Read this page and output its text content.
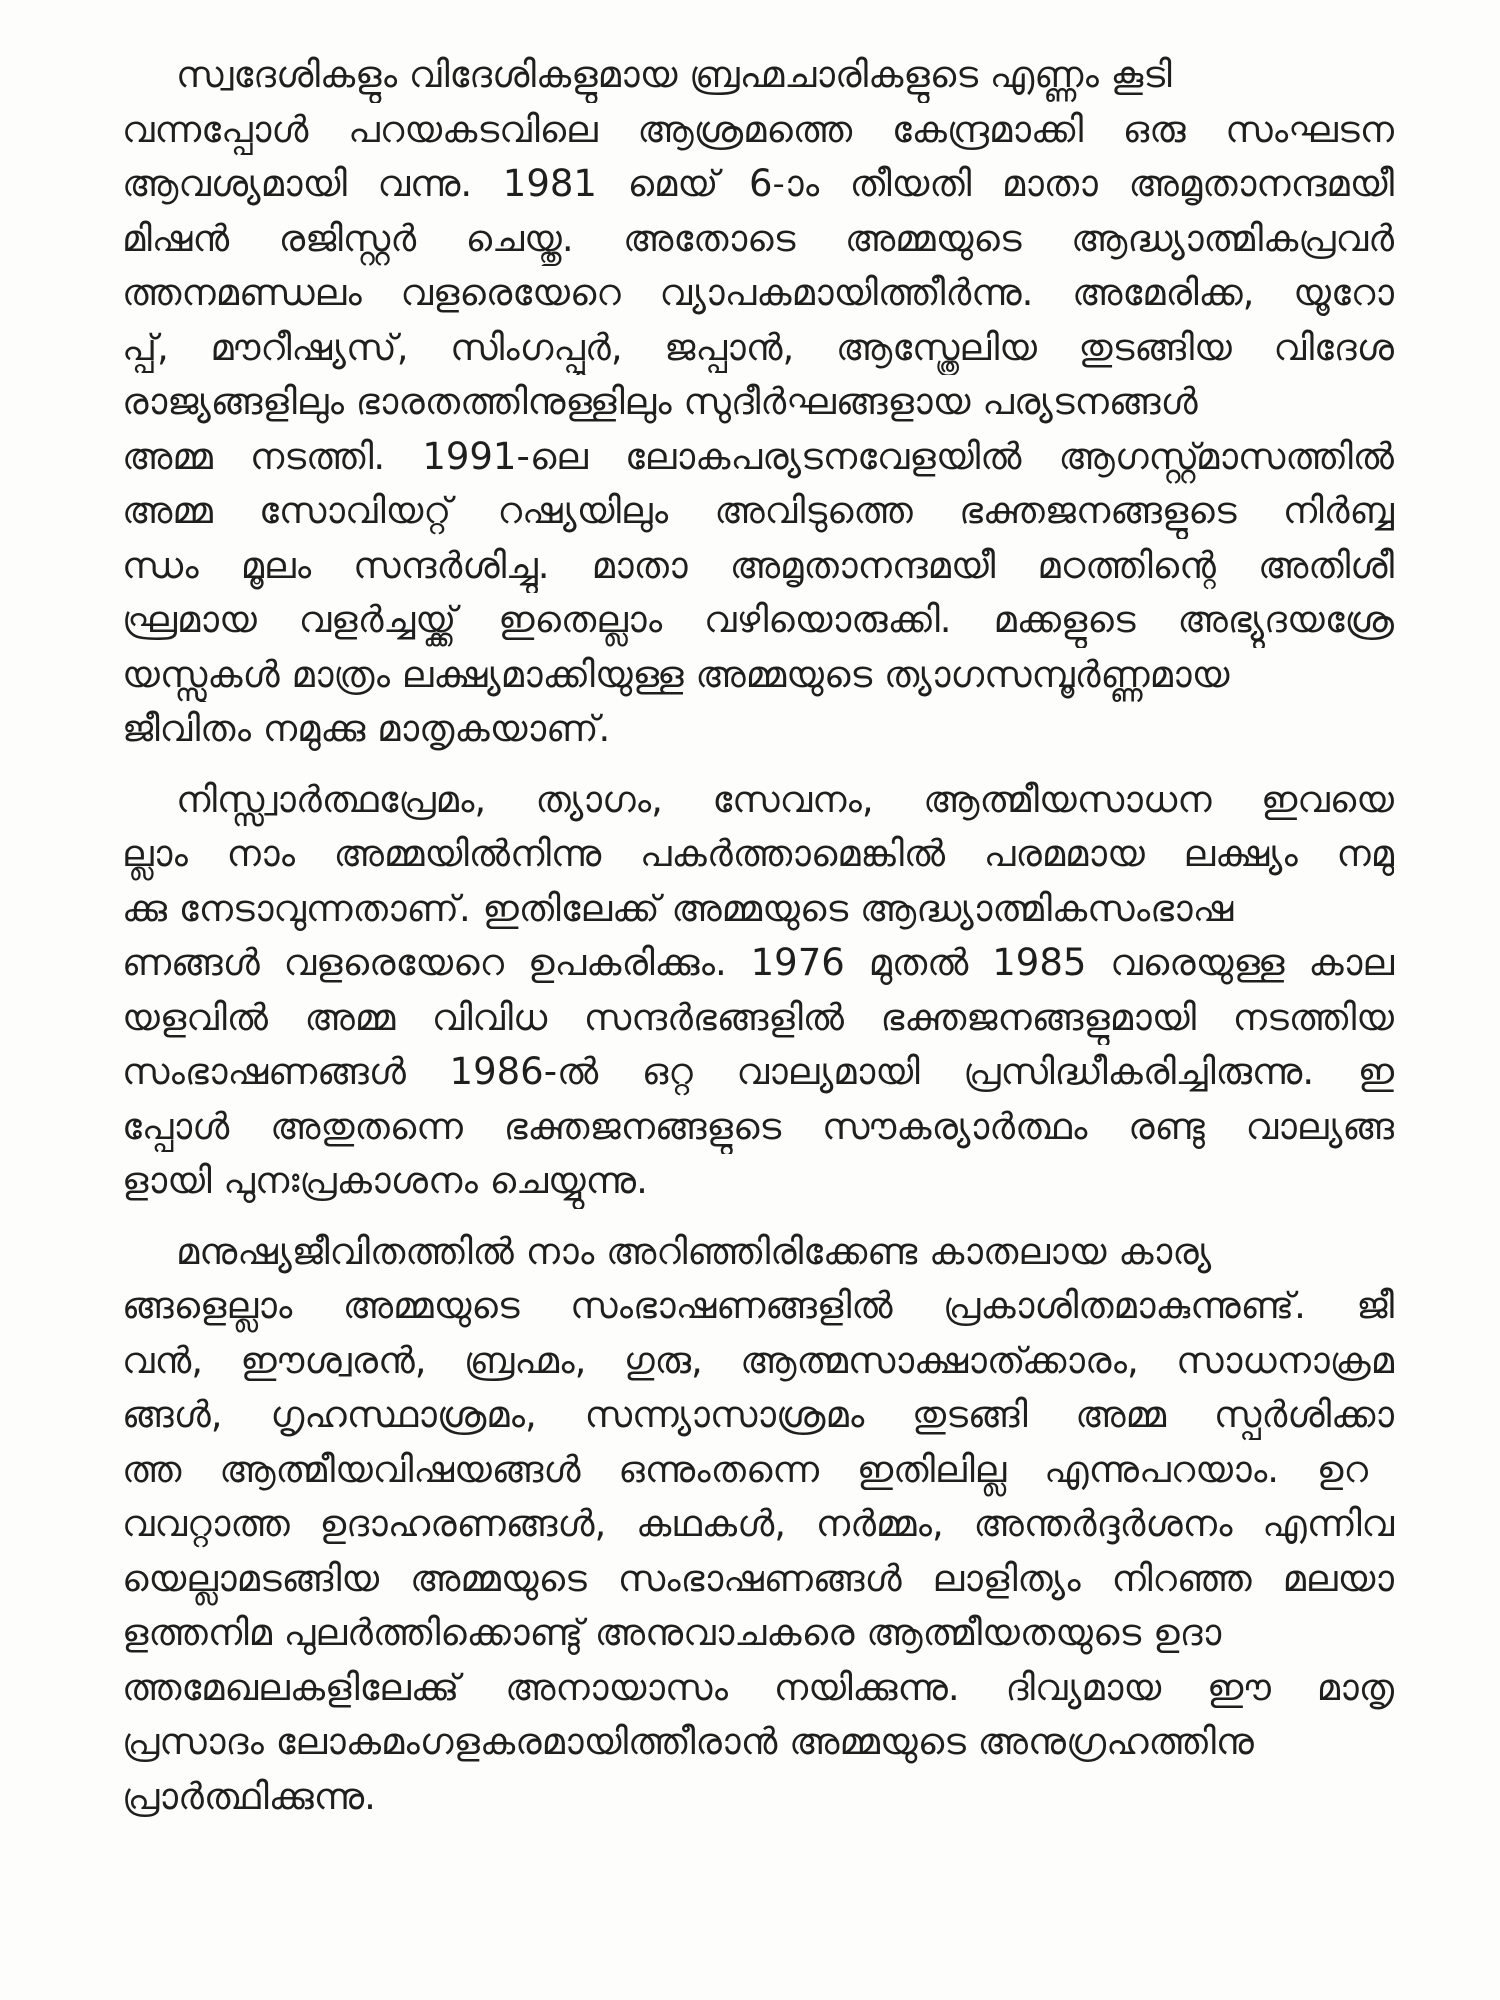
സ്വദേശികളും വിദേശികളുമായ ബ്രഹ്മചാരികളുടെ എണ്ണം കൂടി
വന്നപ്പോൾ പറയകടവിലെ ആശ്രമത്തെ കേന്ദ്രമാക്കി ഒരു സംഘടന
ആവശ്യമായി വന്നു. 1981 മെയ് 6-ാം തീയതി മാതാ അമൃതാനന്ദമയീ
മിഷൻ രജിസ്റ്റർ ചെയ്തു. അതോടെ അമ്മയുടെ ആദ്ധ്യാത്മികപ്രവർ
ത്തനമണ്ഡലം വളരെയേറെ വ്യാപകമായിത്തീർന്നു. അമേരിക്ക, യൂറോ
പ്പ്, മൗറീഷ്യസ്, സിംഗപ്പൂർ, ജപ്പാൻ, ആസ്ത്രേലിയ തുടങ്ങിയ വിദേശ
രാജ്യങ്ങളിലും ഭാരതത്തിനുള്ളിലും സുദീർഘങ്ങളായ പര്യടനങ്ങൾ
അമ്മ നടത്തി. 1991-ലെ ലോകപര്യടനവേളയിൽ ആഗസ്റ്റ്മാസത്തിൽ
അമ്മ സോവിയറ്റ് റഷ്യയിലും അവിടുത്തെ ഭക്തജനങ്ങളുടെ നിർബ്ബ
ന്ധം മൂലം സന്ദർശിച്ചു. മാതാ അമൃതാനന്ദമയീ മഠത്തിന്റെ അതിശീ
ഘ്രമായ വളർച്ചയ്ക്ക് ഇതെല്ലാം വഴിയൊരുക്കി. മക്കളുടെ അഭ്യുദയശ്രേ
യസ്സുകൾ മാത്രം ലക്ഷ്യമാക്കിയുള്ള അമ്മയുടെ ത്യാഗസമ്പൂർണ്ണമായ
ജീവിതം നമുക്കു മാതൃകയാണ്.
നിസ്സ്വാർത്ഥപ്രേമം, ത്യാഗം, സേവനം, ആത്മീയസാധന ഇവയെ
ല്ലാം നാം അമ്മയിൽനിന്നു പകർത്താമെങ്കിൽ പരമമായ ലക്ഷ്യം നമു
ക്കു നേടാവുന്നതാണ്. ഇതിലേക്ക് അമ്മയുടെ ആദ്ധ്യാത്മികസംഭാഷ
ണങ്ങൾ വളരെയേറെ ഉപകരിക്കും. 1976 മുതൽ 1985 വരെയുള്ള കാല
യളവിൽ അമ്മ വിവിധ സന്ദർഭങ്ങളിൽ ഭക്തജനങ്ങളുമായി നടത്തിയ
സംഭാഷണങ്ങൾ 1986-ൽ ഒറ്റ വാല്യമായി പ്രസിദ്ധീകരിച്ചിരുന്നു. ഇ
പ്പോൾ അതുതന്നെ ഭക്തജനങ്ങളുടെ സൗകര്യാർത്ഥം രണ്ടു വാല്യങ്ങ
ളായി പുനഃപ്രകാശനം ചെയ്യുന്നു.
മനുഷ്യജീവിതത്തിൽ നാം അറിഞ്ഞിരിക്കേണ്ട കാതലായ കാര്യ
ങ്ങളെല്ലാം അമ്മയുടെ സംഭാഷണങ്ങളിൽ പ്രകാശിതമാകുന്നുണ്ട്. ജീ
വൻ, ഈശ്വരൻ, ബ്രഹ്മം, ഗുരു, ആത്മസാക്ഷാത്ക്കാരം, സാധനാക്രമ
ങ്ങൾ, ഗൃഹസ്ഥാശ്രമം, സന്ന്യാസാശ്രമം തുടങ്ങി അമ്മ സ്പർശിക്കാ
ത്ത ആത്മീയവിഷയങ്ങൾ ഒന്നുംതന്നെ ഇതിലില്ല എന്നുപറയാം. ഉറ
വവറ്റാത്ത ഉദാഹരണങ്ങൾ, കഥകൾ, നർമ്മം, അന്തർദ്ദർശനം എന്നിവ
യെല്ലാമടങ്ങിയ അമ്മയുടെ സംഭാഷണങ്ങൾ ലാളിത്യം നിറഞ്ഞ മലയാ
ളത്തനിമ പുലർത്തിക്കൊണ്ടു് അനുവാചകരെ ആത്മീയതയുടെ ഉദാ
ത്തമേഖലകളിലേക്കു് അനായാസം നയിക്കുന്നു. ദിവ്യമായ ഈ മാതൃ
പ്രസാദം ലോകമംഗളകരമായിത്തീരാൻ അമ്മയുടെ അനുഗ്രഹത്തിനു
പ്രാർത്ഥിക്കുന്നു.
